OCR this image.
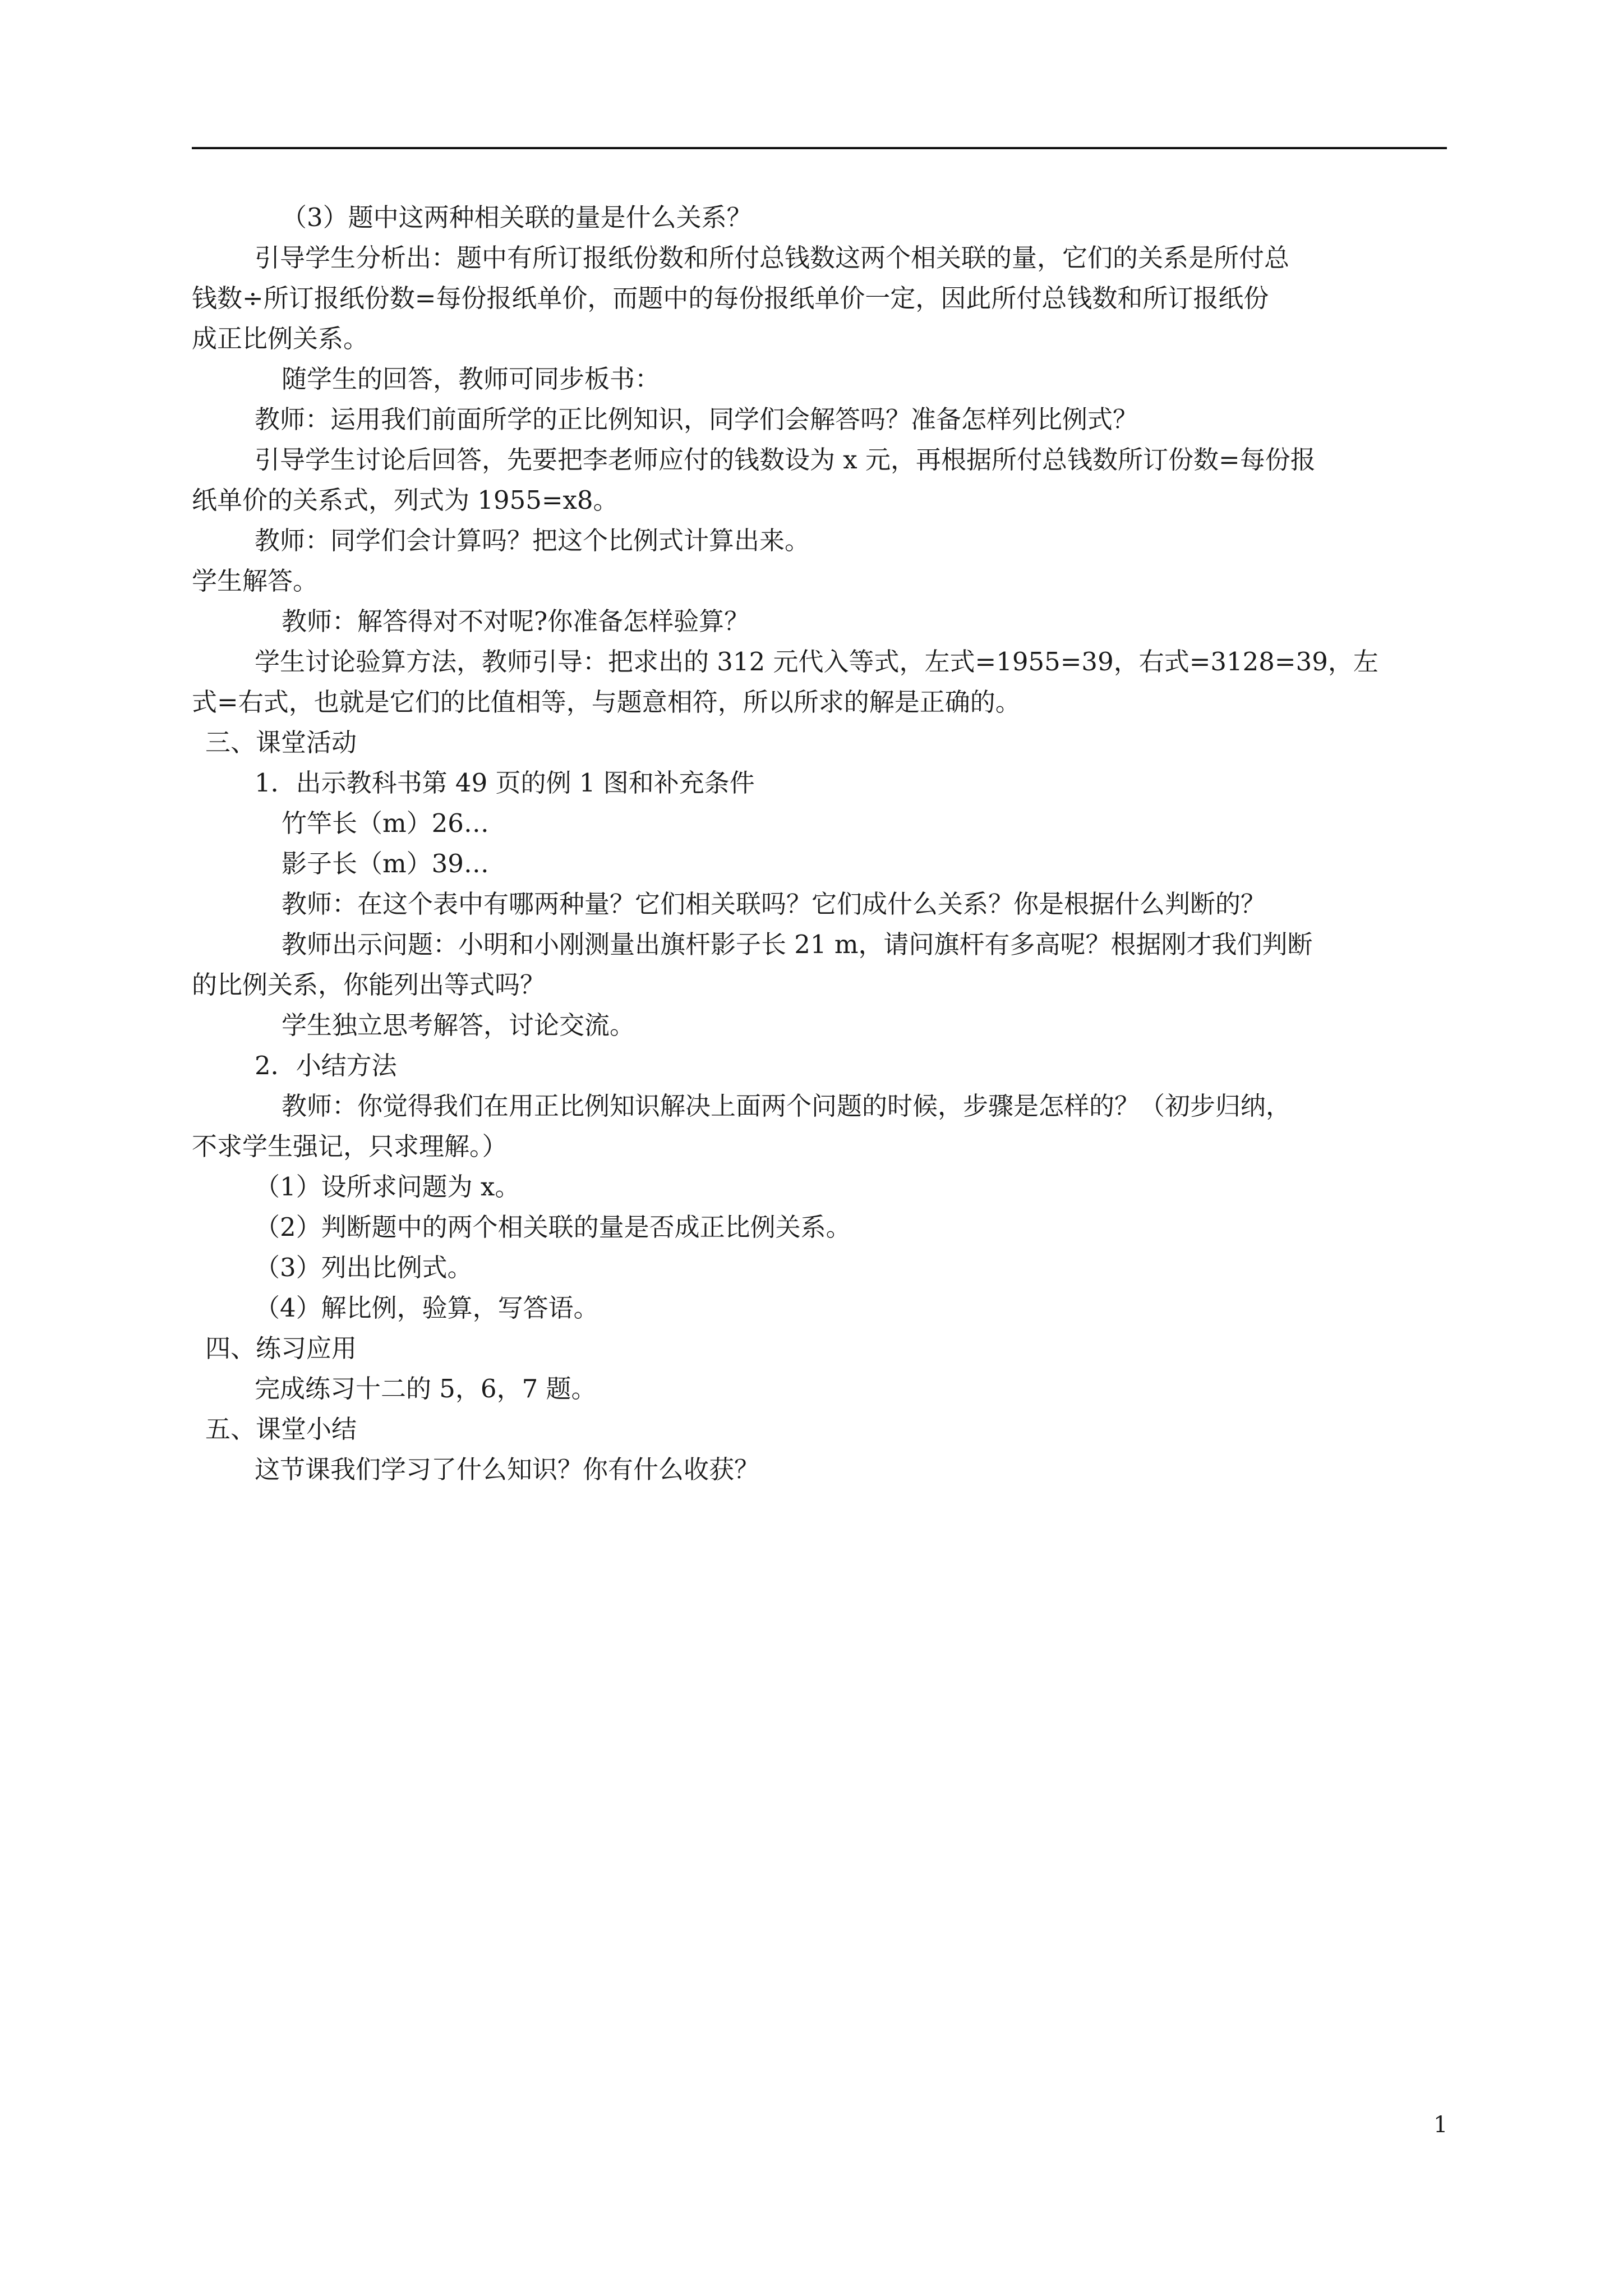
（3）题中这两种相关联的量是什么关系？
引导学生分析出：题中有所订报纸份数和所付总钱数这两个相关联的量，它们的关系是所付总
钱数÷所订报纸份数=每份报纸单价，而题中的每份报纸单价一定，因此所付总钱数和所订报纸份
成正比例关系。
随学生的回答，教师可同步板书：
教师：运用我们前面所学的正比例知识，同学们会解答吗？准备怎样列比例式？
引导学生讨论后回答，先要把李老师应付的钱数设为 x 元，再根据所付总钱数所订份数=每份报
纸单价的关系式，列式为 1955=x8。
教师：同学们会计算吗？把这个比例式计算出来。
学生解答。
教师：解答得对不对呢?你准备怎样验算？
学生讨论验算方法，教师引导：把求出的 312 元代入等式，左式=1955=39，右式=3128=39，左
式=右式，也就是它们的比值相等，与题意相符，所以所求的解是正确的。
三、课堂活动
1．出示教科书第 49 页的例 1 图和补充条件
竹竿长（m）26…
影子长（m）39…
教师：在这个表中有哪两种量？它们相关联吗？它们成什么关系？你是根据什么判断的？
教师出示问题：小明和小刚测量出旗杆影子长 21 m，请问旗杆有多高呢？根据刚才我们判断
的比例关系，你能列出等式吗？
学生独立思考解答，讨论交流。
2．小结方法
教师：你觉得我们在用正比例知识解决上面两个问题的时候，步骤是怎样的？（初步归纳，
不求学生强记，只求理解。）
（1）设所求问题为 x。
（2）判断题中的两个相关联的量是否成正比例关系。
（3）列出比例式。
（4）解比例，验算，写答语。
四、练习应用
完成练习十二的 5，6，7 题。
五、课堂小结
这节课我们学习了什么知识？你有什么收获？
1
